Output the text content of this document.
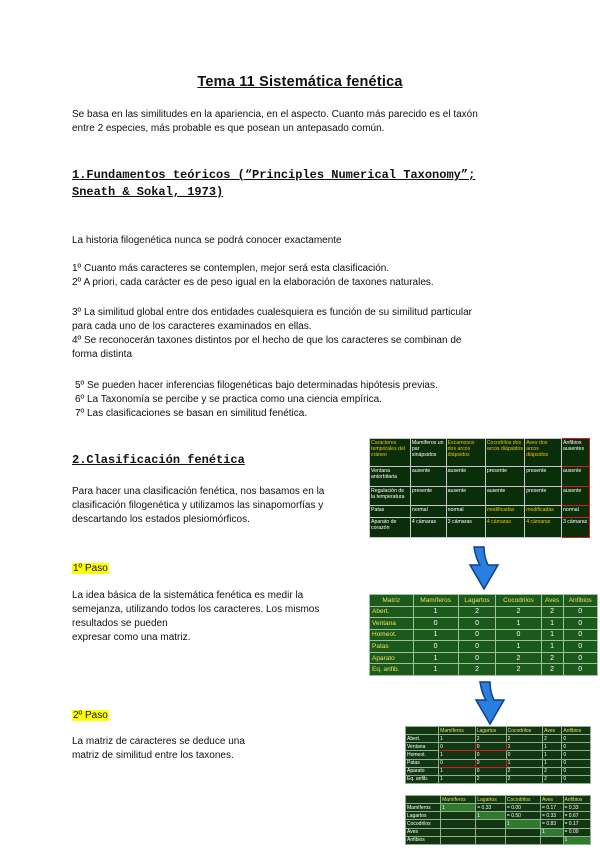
Tema 11 Sistemática fenética

Se basa en las similitudes en la apariencia, en el aspecto. Cuanto más parecido es el taxón

entre 2 especies, más probable es que posean un antepasado común.

1.Fundamentos teóricos (“Principles Numerical Taxonomy”;

Sneath & Sokal, 1973)

La historia filogenética nunca se podrá conocer exactamente

1º Cuanto más caracteres se contemplen, mejor será esta clasificación.

2º A priori, cada carácter es de peso igual en la elaboración de taxones naturales.

3º La similitud global entre dos entidades cualesquiera es función de su similitud particular

para cada uno de los caracteres examinados en ellas.

4º Se reconocerán taxones distintos por el hecho de que los caracteres se combinan de

forma distinta

5º Se pueden hacer inferencias filogenéticas bajo determinadas hipótesis previas.

6º La Taxonomía se percibe y se practica como una ciencia empírica.

7º Las clasificaciones se basan en similitud fenética.

2.Clasificación fenética

Para hacer una clasificación fenética, nos basamos en la

clasificación filogenética y utilizamos las sinapomorfías y

descartando los estados plesiomórficos.

1º Paso

La idea básica de la sistemática fenética es medir la

semejanza, utilizando todos los caracteres. Los mismos

resultados se pueden

expresar como una matriz.

2º Paso

La matriz de caracteres se deduce una

matriz de similitud entre los taxones.

Caracteres temporales del cráneo	Mamíferos un par sinápsidos	Escamosos dos arcos diápsidos	Cocodrilos dos arcos diápsidos	Aves dos arcos diápsidos	Anfibios ausentes
Ventana antorbitaria	ausente	ausente	presente	presente	ausente
Regulación de la temperatura	presente	ausente	ausente	presente	ausente
Patas	normal	normal	modificadas	modificadas	normal
Aparato de corazón	4 cámaras	3 cámaras	4 cámaras	4 cámaras	3 cámaras
Matriz	Mamíferos	Lagartos	Cocodrilos	Aves	Anfibios
Abert.	1	2	2	2	0
Ventana	0	0	1	1	0
Homeot.	1	0	0	1	0
Patas	0	0	1	1	0
Aparato	1	0	2	2	0
Eq. anfib.	1	2	2	2	0
	Mamíferos	Lagartos	Cocodrilos	Aves	Anfibios
Abert.	1	2	2	2	0
Ventana	0	0	1	1	0
Homeot.	1	0	0	1	0
Patas	0	0	1	1	0
Aparato	1	0	2	2	0
Eq. anfib.	1	2	2	2	0
	Mamíferos	Lagartos	Cocodrilos	Aves	Anfibios
Mamíferos	1	= 0.33	= 0.00	= 0.17	= 0.33
Lagartos		1	= 0.50	= 0.33	= 0.67
Cocodrilos			1	= 0.83	= 0.17
Aves				1	= 0.00
Anfibios					1
